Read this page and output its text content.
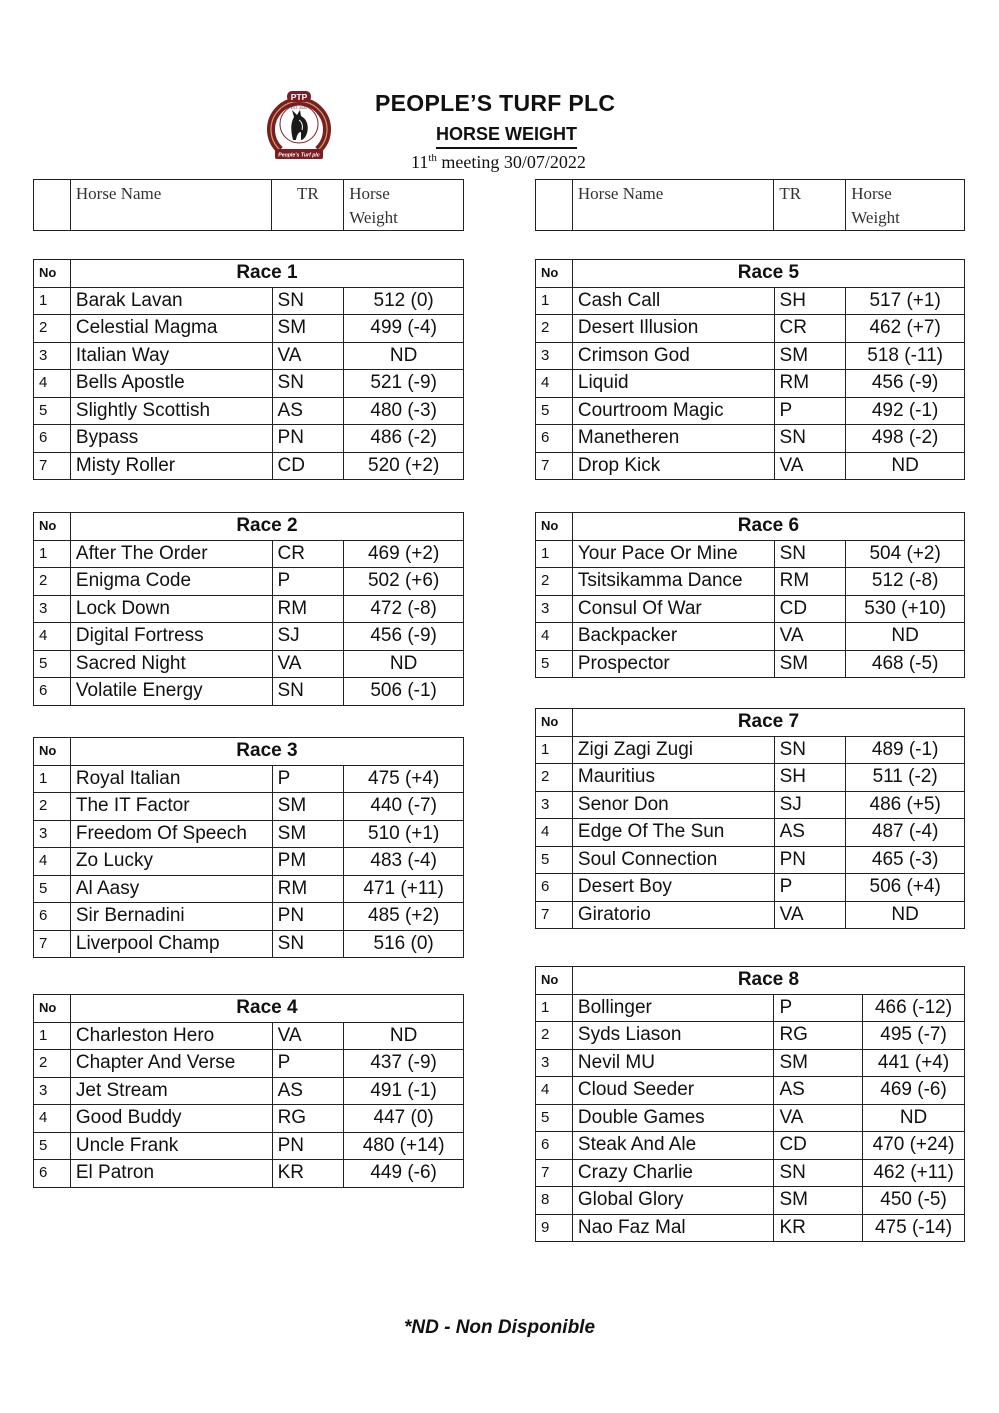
PTP
EST. 2022
People's Turf plc
PEOPLE’S TURF PLC
HORSE WEIGHT

11th meeting 30/07/2022

	Horse Name	TR	Horse
Weight
	Horse Name	TR	Horse
Weight
No	Race 1		
1	Barak Lavan	SN	512 (0)
2	Celestial Magma	SM	499 (-4)
3	Italian Way	VA	ND
4	Bells Apostle	SN	521 (-9)
5	Slightly Scottish	AS	480 (-3)
6	Bypass	PN	486 (-2)
7	Misty Roller	CD	520 (+2)
No	Race 2		
1	After The Order	CR	469 (+2)
2	Enigma Code	P	502 (+6)
3	Lock Down	RM	472 (-8)
4	Digital Fortress	SJ	456 (-9)
5	Sacred Night	VA	ND
6	Volatile Energy	SN	506 (-1)
No	Race 3		
1	Royal Italian	P	475 (+4)
2	The IT Factor	SM	440 (-7)
3	Freedom Of Speech	SM	510 (+1)
4	Zo Lucky	PM	483 (-4)
5	Al Aasy	RM	471 (+11)
6	Sir Bernadini	PN	485 (+2)
7	Liverpool Champ	SN	516 (0)
No	Race 4		
1	Charleston Hero	VA	ND
2	Chapter And Verse	P	437 (-9)
3	Jet Stream	AS	491 (-1)
4	Good Buddy	RG	447 (0)
5	Uncle Frank	PN	480 (+14)
6	El Patron	KR	449 (-6)
No	Race 5		
1	Cash Call	SH	517 (+1)
2	Desert Illusion	CR	462 (+7)
3	Crimson God	SM	518 (-11)
4	Liquid	RM	456 (-9)
5	Courtroom Magic	P	492 (-1)
6	Manetheren	SN	498 (-2)
7	Drop Kick	VA	ND
No	Race 6		
1	Your Pace Or Mine	SN	504 (+2)
2	Tsitsikamma Dance	RM	512 (-8)
3	Consul Of War	CD	530 (+10)
4	Backpacker	VA	ND
5	Prospector	SM	468 (-5)
No	Race 7		
1	Zigi Zagi Zugi	SN	489 (-1)
2	Mauritius	SH	511 (-2)
3	Senor Don	SJ	486 (+5)
4	Edge Of The Sun	AS	487 (-4)
5	Soul Connection	PN	465 (-3)
6	Desert Boy	P	506 (+4)
7	Giratorio	VA	ND
No	Race 8		
1	Bollinger	P	466 (-12)
2	Syds Liason	RG	495 (-7)
3	Nevil MU	SM	441 (+4)
4	Cloud Seeder	AS	469 (-6)
5	Double Games	VA	ND
6	Steak And Ale	CD	470 (+24)
7	Crazy Charlie	SN	462 (+11)
8	Global Glory	SM	450 (-5)
9	Nao Faz Mal	KR	475 (-14)

*ND - Non Disponible
